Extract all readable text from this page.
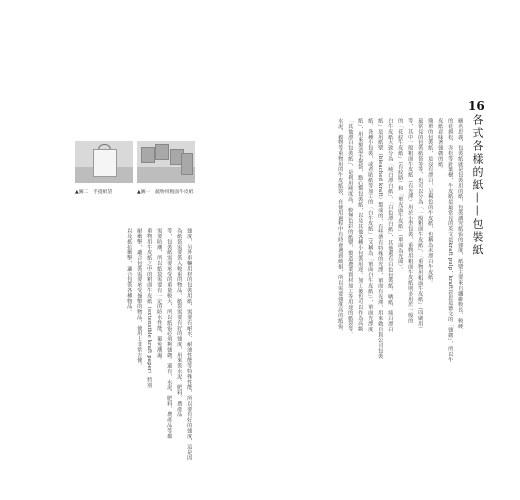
▲圖二　手提紙袋	▲圖一　蔬物用粗面牛皮紙
強度，另外車輛用材的包裝用紙，需要有耐水、耐油性能等特殊性能，所以要有好的強度，這是因
為紙袋需要裝入較重的物品，紙袋需要有好的強度，用來裝水泥、肥料、農產品
等，包裝紙需要承受的重量較大，所以紙張必須夠強韌。還有，水泥、肥料、農產品等都
需要防潮，所以紙袋需要有一定的防水性能，避免潮濕。
重物用牛皮紙之中的粗面牛皮紙（extensible kraft paper）特別
耐衝擊，適合包裝需要承受撞擊的物品，使用上非常方便。
以及抵抗衝擊，適合包裝各種物品。
16
各式各樣的紙——包裝紙
顧名思義，包裝紙就是包裝用的紙，包裝講究紙張的強度，紙漿主要來自纖維較長、較硬
的花旗松、赤松等針葉樹，牛皮紙是最常見的英文是kraft pulp，kraft意思是德文的「強韌」，所以牛
皮紙意味著強韌的紙。
簡單的包裝紙，是沒有漂白，呈褐色的牛皮紙，也稱為未漂白牛皮紙。
最常見的包裝紙袋等等，也可以分為「一般粗面牛皮紙」、「重物用粗面牛皮紙」（印刷用）
等，其中一般粗面牛皮紙（有光澤）用於小型包裝，重物用粗面牛皮紙則多用於一般的
的「花紋牛皮紙」（有紋路）和「單光面牛皮紙」（單面為光面）。
白牛皮紙大致分為「純白漂白紙」、「白色漂白紙」，其他還有白色包裝紙、晒紙、純白漂白
紙」是用紙漿（bleached kraft）製成的，有些帶有特殊的光澤，單面有光澤，用來做百貨公司包裝
紙、各種小包裝，或者貼紙等加工的「白牛皮紙」（又稱為「單面白牛皮紙」），單面光澤度
紙」，用來製造手提袋，點心類包裝紙，以及其他各種小包裝用途。加工後也可以作為高級
「其他漂白包裝紙」，是利用純度高、較無色彩的紙漿，製造農業資材加工等用途的紙袋等。
水泥、穀物等重物用的牛皮紙袋，在使用過程中有時會遇到破損，所以需要強度高的紙張。
